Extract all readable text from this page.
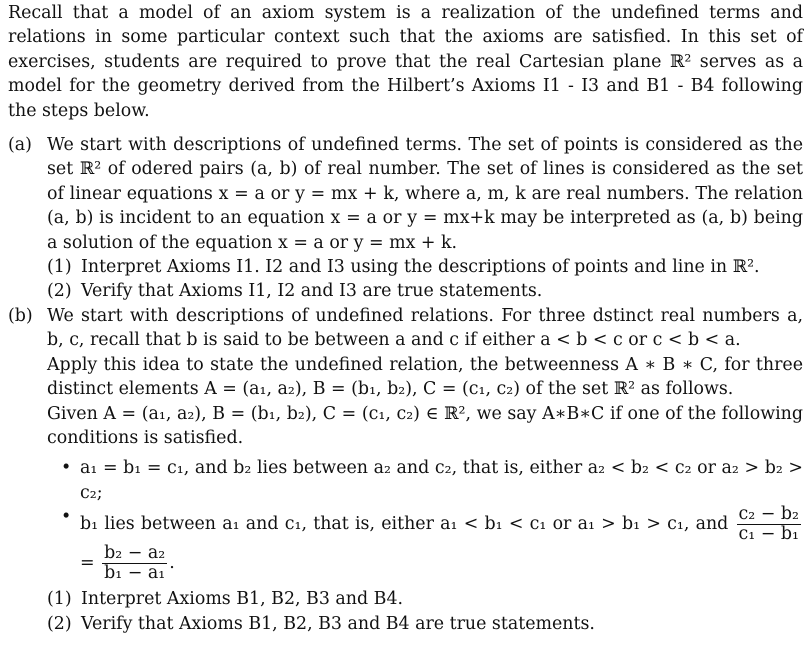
Recall that a model of an axiom system is a realization of the undefined terms and relations in some particular context such that the axioms are satisfied. In this set of exercises, students are required to prove that the real Cartesian plane ℝ² serves as a model for the geometry derived from the Hilbert’s Axioms I1 - I3 and B1 - B4 following the steps below.

(a) We start with descriptions of undefined terms. The set of points is considered as the set ℝ² of odered pairs (a, b) of real number. The set of lines is considered as the set of linear equations x = a or y = mx + k, where a, m, k are real numbers. The relation (a, b) is incident to an equation x = a or y = mx+k may be interpreted as (a, b) being a solution of the equation x = a or y = mx + k.

(1) Interpret Axioms I1. I2 and I3 using the descriptions of points and line in ℝ².
(2) Verify that Axioms I1, I2 and I3 are true statements.
(b) We start with descriptions of undefined relations. For three dstinct real numbers a, b, c, recall that b is said to be between a and c if either a < b < c or c < b < a.

Apply this idea to state the undefined relation, the betweenness A ∗ B ∗ C, for three distinct elements A = (a₁, a₂), B = (b₁, b₂), C = (c₁, c₂) of the set ℝ² as follows.

Given A = (a₁, a₂), B = (b₁, b₂), C = (c₁, c₂) ∈ ℝ², we say A∗B∗C if one of the following conditions is satisfied.

• a₁ = b₁ = c₁, and b₂ lies between a₂ and c₂, that is, either a₂ < b₂ < c₂ or a₂ > b₂ > c₂;
• b₁ lies between a₁ and c₁, that is, either a₁ < b₁ < c₁ or a₁ > b₁ > c₁, and $\frac{\text{c₂ − b₂}}{\text{c₁ − b₁}}$
= $\frac{\text{b₂ − a₂}}{\text{b₁ − a₁}}$ .
(1) Interpret Axioms B1, B2, B3 and B4.
(2) Verify that Axioms B1, B2, B3 and B4 are true statements.
